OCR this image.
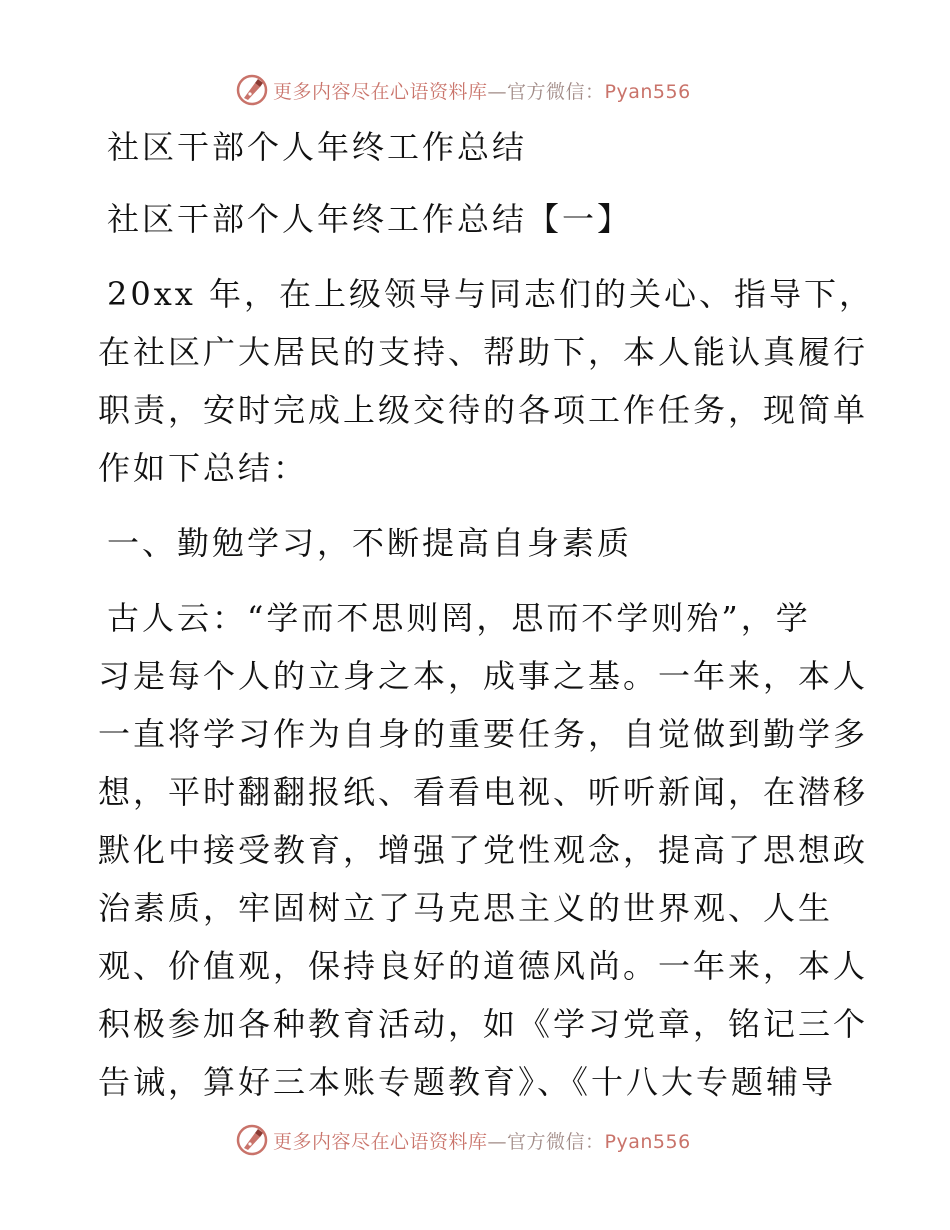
更多内容尽在心语资料库—官方微信：Pyan556
社区干部个人年终工作总结
社区干部个人年终工作总结【一】
20xx 年，在上级领导与同志们的关心、指导下，
在社区广大居民的支持、帮助下，本人能认真履行
职责，安时完成上级交待的各项工作任务，现简单
作如下总结：
一、勤勉学习，不断提高自身素质
古人云：“学而不思则罔，思而不学则殆”，学
习是每个人的立身之本，成事之基。一年来，本人
一直将学习作为自身的重要任务，自觉做到勤学多
想，平时翻翻报纸、看看电视、听听新闻，在潜移
默化中接受教育，增强了党性观念，提高了思想政
治素质，牢固树立了马克思主义的世界观、人生
观、价值观，保持良好的道德风尚。一年来，本人
积极参加各种教育活动，如《学习党章，铭记三个
告诫，算好三本账专题教育》、《十八大专题辅导
更多内容尽在心语资料库—官方微信：Pyan556
